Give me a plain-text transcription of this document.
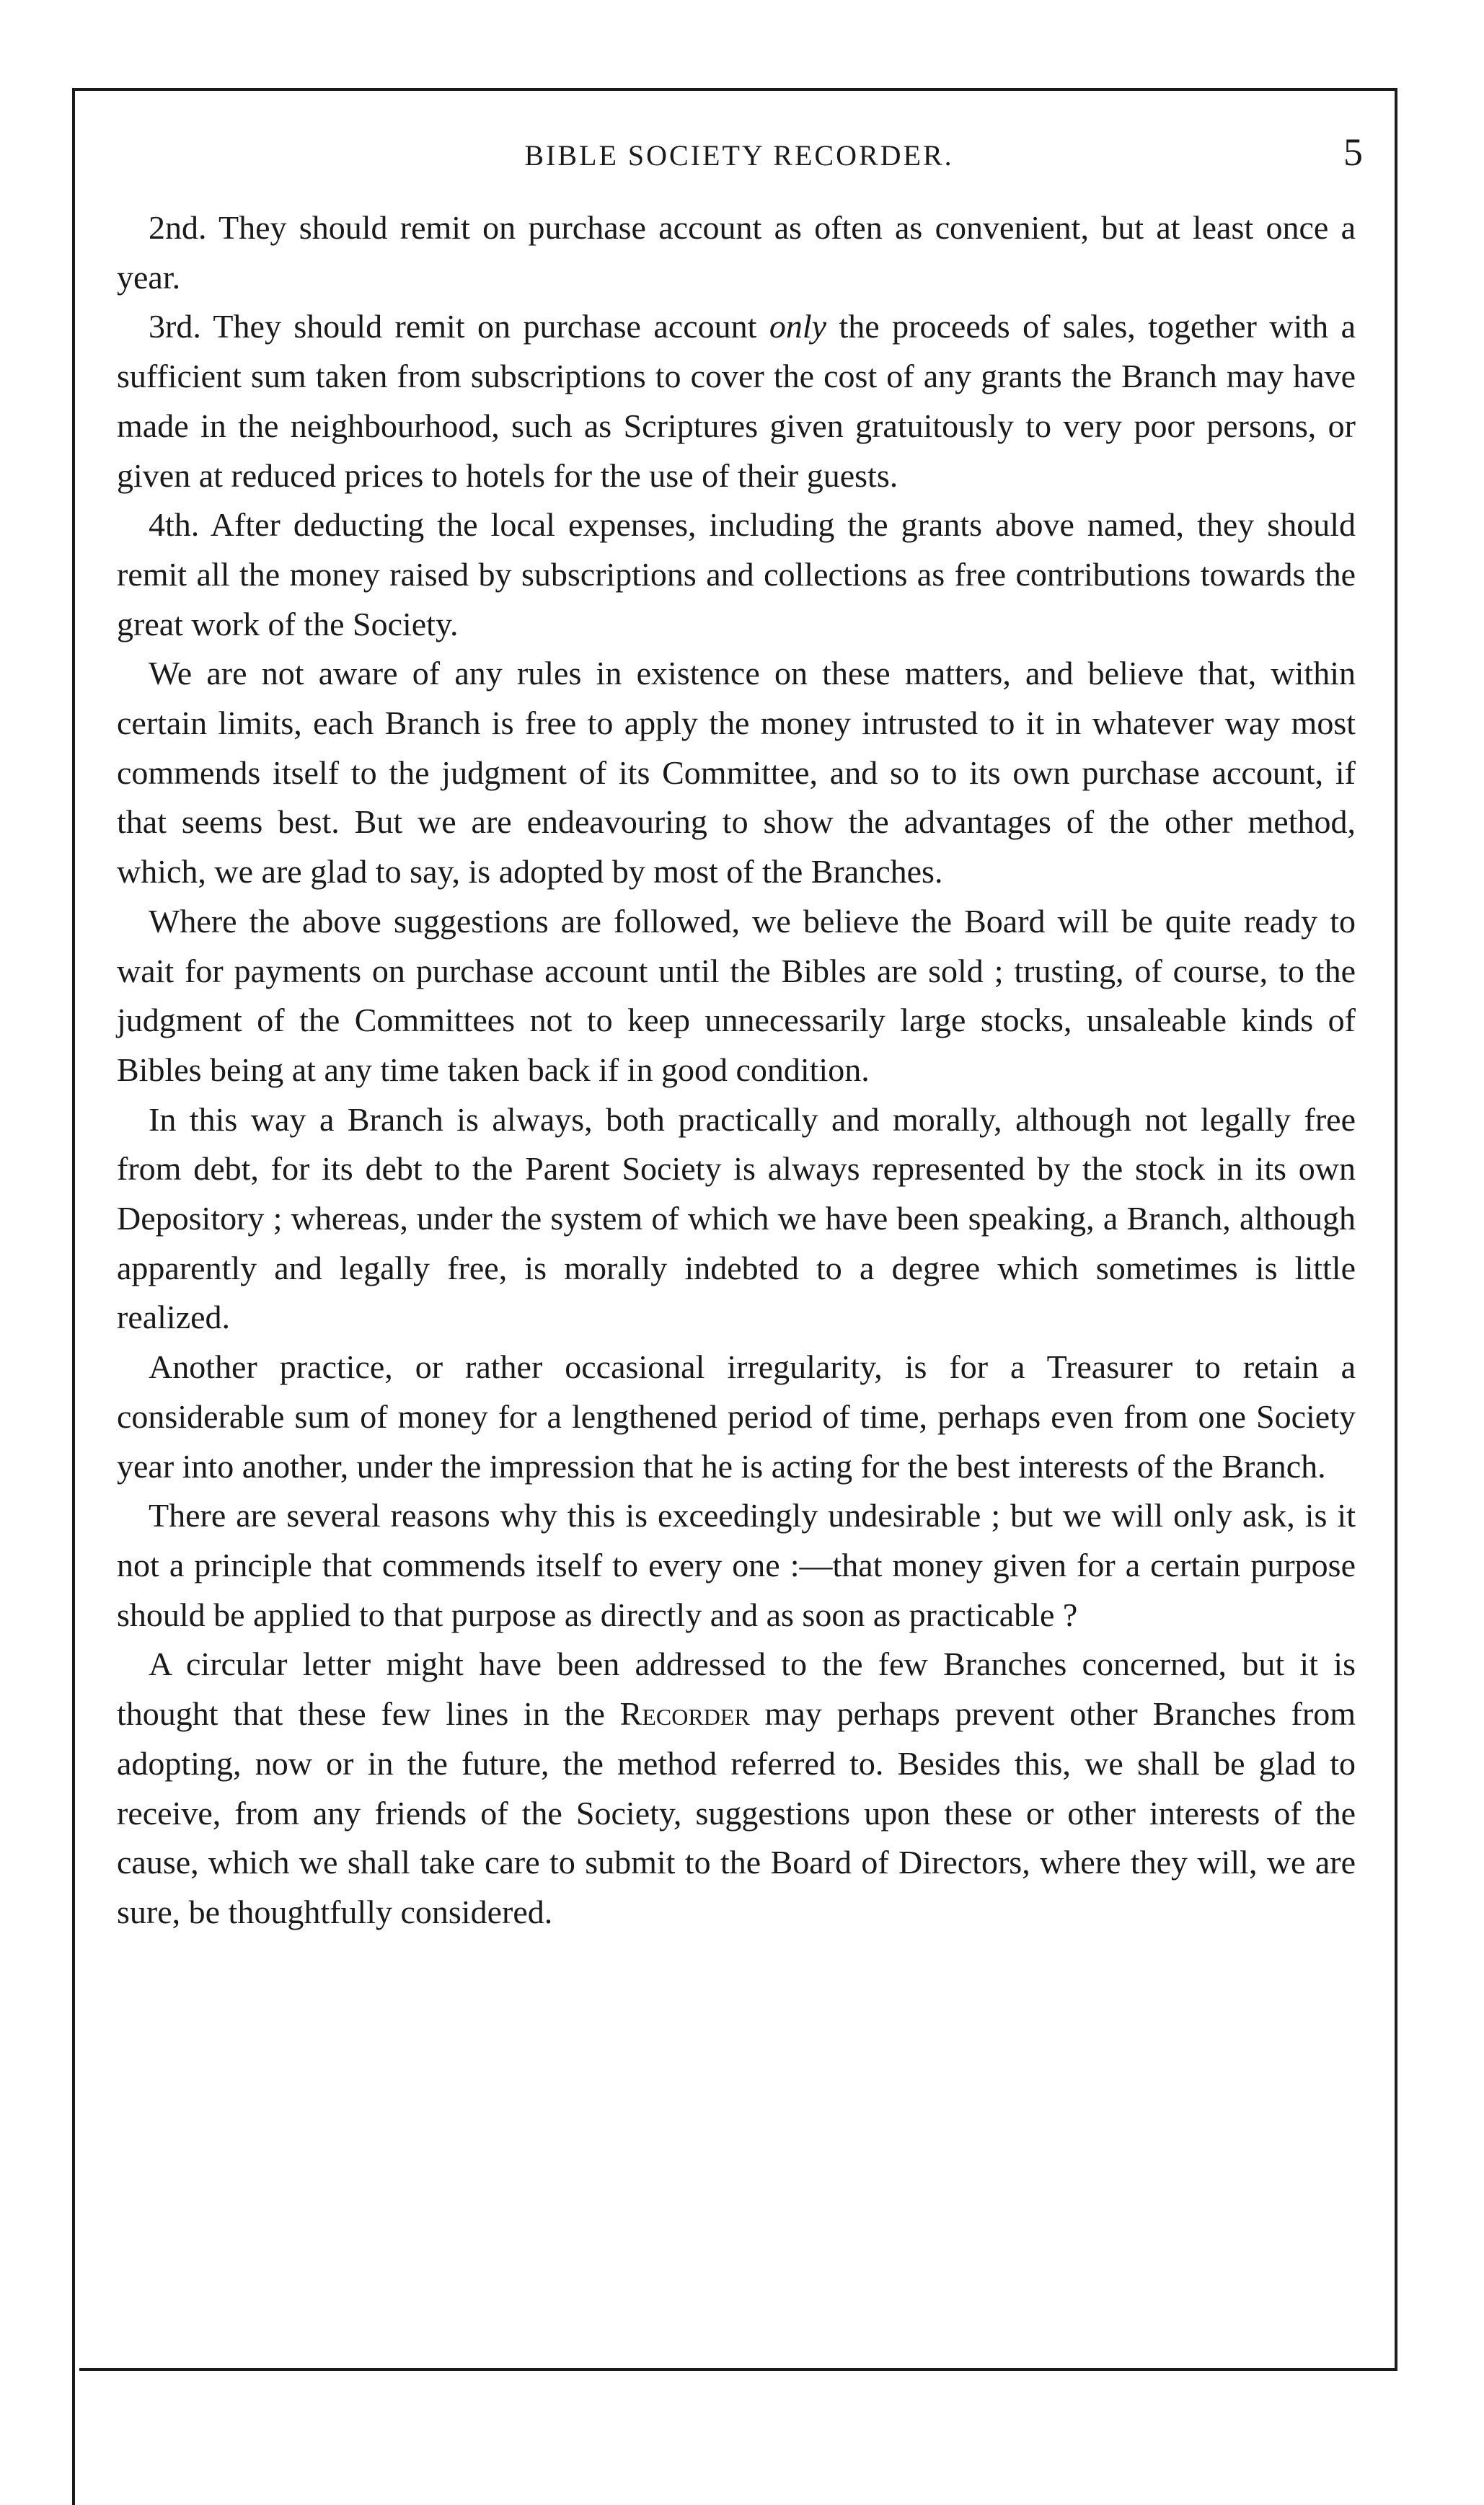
BIBLE SOCIETY RECORDER.	5

2nd. They should remit on purchase account as often as convenient, but at least once a year.

3rd. They should remit on purchase account only the proceeds of sales, together with a sufficient sum taken from subscriptions to cover the cost of any grants the Branch may have made in the neighbourhood, such as Scriptures given gratuitously to very poor persons, or given at reduced prices to hotels for the use of their guests.

4th. After deducting the local expenses, including the grants above named, they should remit all the money raised by subscriptions and collections as free contributions towards the great work of the Society.

We are not aware of any rules in existence on these matters, and believe that, within certain limits, each Branch is free to apply the money intrusted to it in whatever way most commends itself to the judgment of its Committee, and so to its own purchase account, if that seems best. But we are endeavouring to show the advantages of the other method, which, we are glad to say, is adopted by most of the Branches.

Where the above suggestions are followed, we believe the Board will be quite ready to wait for payments on purchase account until the Bibles are sold ; trusting, of course, to the judgment of the Committees not to keep unnecessarily large stocks, unsaleable kinds of Bibles being at any time taken back if in good condition.

In this way a Branch is always, both practically and morally, although not legally free from debt, for its debt to the Parent Society is always represented by the stock in its own Depository ; whereas, under the system of which we have been speaking, a Branch, although apparently and legally free, is morally indebted to a degree which sometimes is little realized.

Another practice, or rather occasional irregularity, is for a Treasurer to retain a considerable sum of money for a lengthened period of time, perhaps even from one Society year into another, under the impression that he is acting for the best interests of the Branch.

There are several reasons why this is exceedingly undesirable ; but we will only ask, is it not a principle that commends itself to every one :—that money given for a certain purpose should be applied to that purpose as directly and as soon as practicable ?

A circular letter might have been addressed to the few Branches concerned, but it is thought that these few lines in the Recorder may perhaps prevent other Branches from adopting, now or in the future, the method referred to. Besides this, we shall be glad to receive, from any friends of the Society, suggestions upon these or other interests of the cause, which we shall take care to submit to the Board of Directors, where they will, we are sure, be thoughtfully considered.
